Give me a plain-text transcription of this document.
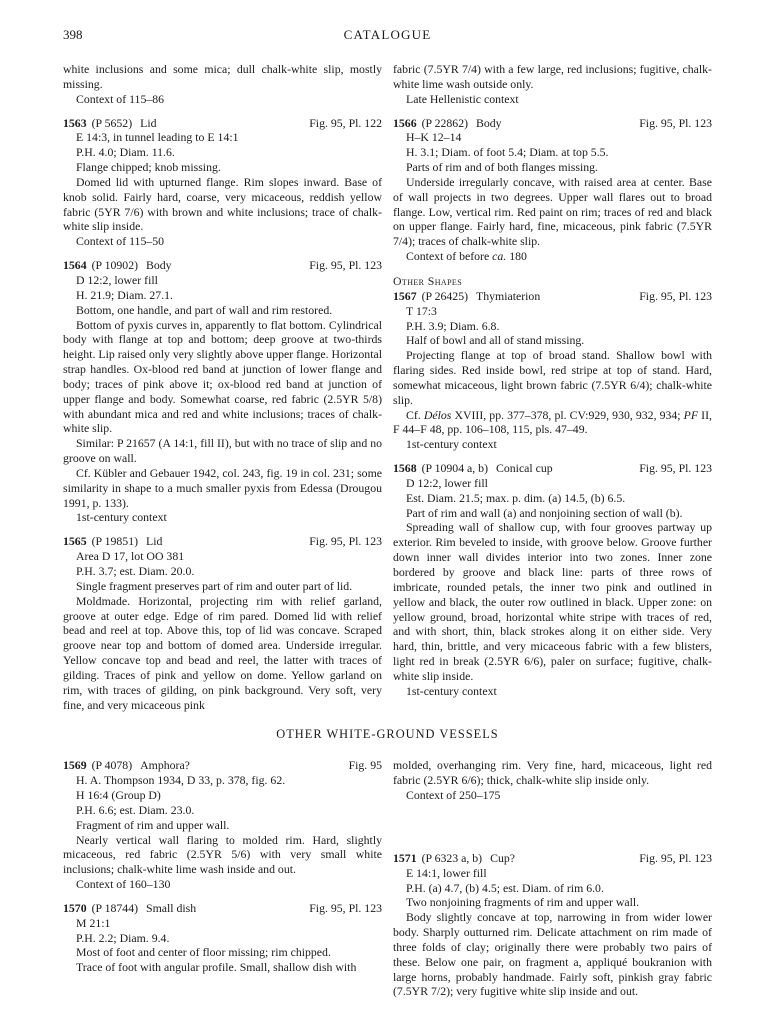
398	CATALOGUE

white inclusions and some mica; dull chalk-white slip, mostly missing.

Context of 115–86
1563 (P 5652) Lid	Fig. 95, Pl. 122
E 14:3, in tunnel leading to E 14:1
P.H. 4.0; Diam. 11.6.
Flange chipped; knob missing.

Domed lid with upturned flange. Rim slopes inward. Base of knob solid. Fairly hard, coarse, very micaceous, reddish yellow fabric (5YR 7/6) with brown and white inclusions; trace of chalk-white slip inside.

Context of 115–50
1564 (P 10902) Body	Fig. 95, Pl. 123
D 12:2, lower fill
H. 21.9; Diam. 27.1.
Bottom, one handle, and part of wall and rim restored.

Bottom of pyxis curves in, apparently to flat bottom. Cylindrical body with flange at top and bottom; deep groove at two-thirds height. Lip raised only very slightly above upper flange. Horizontal strap handles. Ox-blood red band at junction of lower flange and body; traces of pink above it; ox-blood red band at junction of upper flange and body. Somewhat coarse, red fabric (2.5YR 5/8) with abundant mica and red and white inclusions; traces of chalk-white slip.

Similar: P 21657 (A 14:1, fill II), but with no trace of slip and no groove on wall.

Cf. Kübler and Gebauer 1942, col. 243, fig. 19 in col. 231; some similarity in shape to a much smaller pyxis from Edessa (Drougou 1991, p. 133).

1st-century context
1565 (P 19851) Lid	Fig. 95, Pl. 123
Area D 17, lot OO 381
P.H. 3.7; est. Diam. 20.0.
Single fragment preserves part of rim and outer part of lid.

Moldmade. Horizontal, projecting rim with relief garland, groove at outer edge. Edge of rim pared. Domed lid with relief bead and reel at top. Above this, top of lid was concave. Scraped groove near top and bottom of domed area. Underside irregular. Yellow concave top and bead and reel, the latter with traces of gilding. Traces of pink and yellow on dome. Yellow garland on rim, with traces of gilding, on pink background. Very soft, very fine, and very micaceous pink

fabric (7.5YR 7/4) with a few large, red inclusions; fugitive, chalk-white lime wash outside only.

Late Hellenistic context
1566 (P 22862) Body	Fig. 95, Pl. 123
H–K 12–14
H. 3.1; Diam. of foot 5.4; Diam. at top 5.5.
Parts of rim and of both flanges missing.

Underside irregularly concave, with raised area at center. Base of wall projects in two degrees. Upper wall flares out to broad flange. Low, vertical rim. Red paint on rim; traces of red and black on upper flange. Fairly hard, fine, micaceous, pink fabric (7.5YR 7/4); traces of chalk-white slip.

Context of before ca. 180
Other Shapes
1567 (P 26425) Thymiaterion	Fig. 95, Pl. 123
T 17:3
P.H. 3.9; Diam. 6.8.
Half of bowl and all of stand missing.

Projecting flange at top of broad stand. Shallow bowl with flaring sides. Red inside bowl, red stripe at top of stand. Hard, somewhat micaceous, light brown fabric (7.5YR 6/4); chalk-white slip.

Cf. Délos XVIII, pp. 377–378, pl. CV:929, 930, 932, 934; PF II, F 44–F 48, pp. 106–108, 115, pls. 47–49.

1st-century context
1568 (P 10904 a, b) Conical cup	Fig. 95, Pl. 123
D 12:2, lower fill
Est. Diam. 21.5; max. p. dim. (a) 14.5, (b) 6.5.
Part of rim and wall (a) and nonjoining section of wall (b).

Spreading wall of shallow cup, with four grooves partway up exterior. Rim beveled to inside, with groove below. Groove further down inner wall divides interior into two zones. Inner zone bordered by groove and black line: parts of three rows of imbricate, rounded petals, the inner two pink and outlined in yellow and black, the outer row outlined in black. Upper zone: on yellow ground, broad, horizontal white stripe with traces of red, and with short, thin, black strokes along it on either side. Very hard, thin, brittle, and very micaceous fabric with a few blisters, light red in break (2.5YR 6/6), paler on surface; fugitive, chalk-white slip inside.

1st-century context
OTHER WHITE-GROUND VESSELS
1569 (P 4078) Amphora?	Fig. 95
H. A. Thompson 1934, D 33, p. 378, fig. 62.
H 16:4 (Group D)
P.H. 6.6; est. Diam. 23.0.
Fragment of rim and upper wall.

Nearly vertical wall flaring to molded rim. Hard, slightly micaceous, red fabric (2.5YR 5/6) with very small white inclusions; chalk-white lime wash inside and out.

Context of 160–130
1570 (P 18744) Small dish	Fig. 95, Pl. 123
M 21:1
P.H. 2.2; Diam. 9.4.
Most of foot and center of floor missing; rim chipped.

Trace of foot with angular profile. Small, shallow dish with

molded, overhanging rim. Very fine, hard, micaceous, light red fabric (2.5YR 6/6); thick, chalk-white slip inside only.

Context of 250–175
1571 (P 6323 a, b) Cup?	Fig. 95, Pl. 123
E 14:1, lower fill
P.H. (a) 4.7, (b) 4.5; est. Diam. of rim 6.0.
Two nonjoining fragments of rim and upper wall.

Body slightly concave at top, narrowing in from wider lower body. Sharply outturned rim. Delicate attachment on rim made of three folds of clay; originally there were probably two pairs of these. Below one pair, on fragment a, appliqué boukranion with large horns, probably handmade. Fairly soft, pinkish gray fabric (7.5YR 7/2); very fugitive white slip inside and out.
